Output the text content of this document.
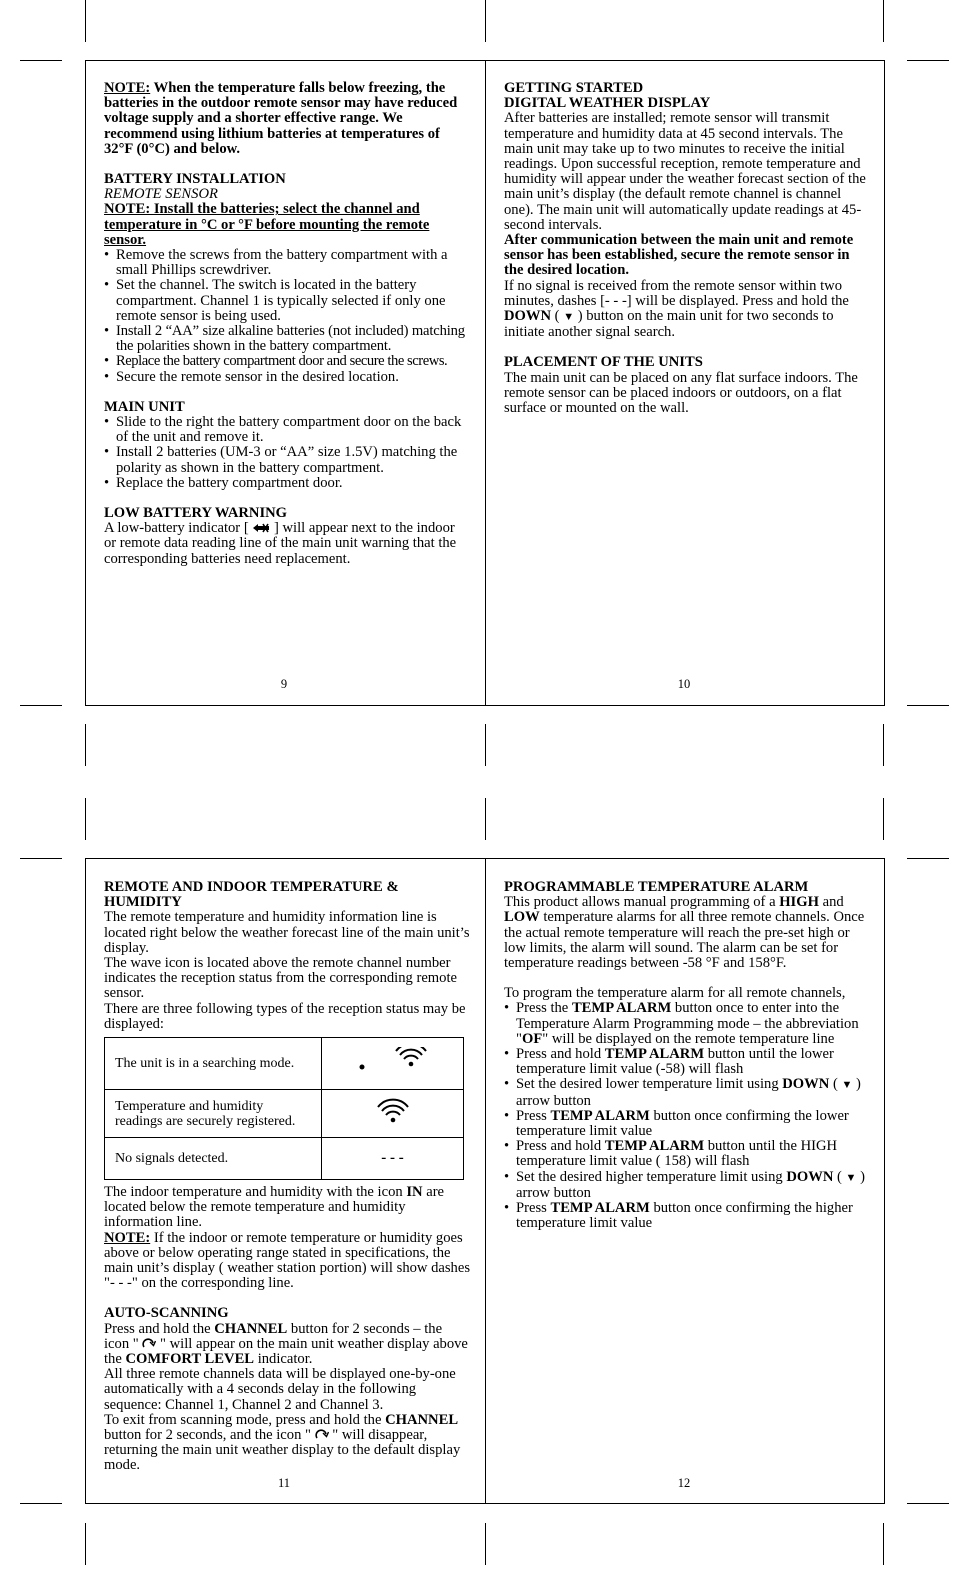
NOTE: When the temperature falls below freezing, the batteries in the outdoor remote sensor may have reduced voltage supply and a shorter effective range. We recommend using lithium batteries at temperatures of 32°F (0°C) and below.
BATTERY INSTALLATION
REMOTE SENSOR
NOTE: Install the batteries; select the channel and temperature in °C or °F before mounting the remote sensor.
• Remove the screws from the battery compartment with a small Phillips screwdriver.
• Set the channel. The switch is located in the battery compartment. Channel 1 is typically selected if only one remote sensor is being used.
• Install 2 “AA” size alkaline batteries (not included) matching the polarities shown in the battery compartment.
• Replace the battery compartment door and secure the screws.
• Secure the remote sensor in the desired location.
MAIN UNIT
• Slide to the right the battery compartment door on the back of the unit and remove it.
• Install 2 batteries (UM-3 or “AA” size 1.5V) matching the polarity as shown in the battery compartment.
• Replace the battery compartment door.
LOW BATTERY WARNING
A low-battery indicator [  ] will appear next to the indoor or remote data reading line of the main unit warning that the corresponding batteries need replacement.
9
GETTING STARTED
DIGITAL WEATHER DISPLAY
After batteries are installed; remote sensor will transmit temperature and humidity data at 45 second intervals. The main unit may take up to two minutes to receive the initial readings. Upon successful reception, remote temperature and humidity will appear under the weather forecast section of the main unit’s display (the default remote channel is channel one). The main unit will automatically update readings at 45-second intervals.
After communication between the main unit and remote sensor has been established, secure the remote sensor in the desired location.
If no signal is received from the remote sensor within two minutes, dashes [- - -] will be displayed. Press and hold the DOWN ( ▼ ) button on the main unit for two seconds to initiate another signal search.
PLACEMENT OF THE UNITS
The main unit can be placed on any flat surface indoors. The remote sensor can be placed indoors or outdoors, on a flat surface or mounted on the wall.
10
REMOTE AND INDOOR TEMPERATURE & HUMIDITY
The remote temperature and humidity information line is located right below the weather forecast line of the main unit’s display.
The wave icon is located above the remote channel number indicates the reception status from the corresponding remote sensor.
There are three following types of the reception status may be displayed:
The unit is in a searching mode.	
Temperature and humidity readings are securely registered.	
No signals detected.	- - -
The indoor temperature and humidity with the icon IN are located below the remote temperature and humidity information line.
NOTE: If the indoor or remote temperature or humidity goes above or below operating range stated in specifications, the main unit’s display ( weather station portion) will show dashes "- - -" on the corresponding line.
AUTO-SCANNING
Press and hold the CHANNEL button for 2 seconds – the icon "  " will appear on the main unit weather display above the COMFORT LEVEL indicator.
All three remote channels data will be displayed one-by-one automatically with a 4 seconds delay in the following sequence: Channel 1, Channel 2 and Channel 3.
To exit from scanning mode, press and hold the CHANNEL button for 2 seconds, and the icon "  " will disappear, returning the main unit weather display to the default display mode.
11
PROGRAMMABLE TEMPERATURE ALARM
This product allows manual programming of a HIGH and LOW temperature alarms for all three remote channels. Once the actual remote temperature will reach the pre-set high or low limits, the alarm will sound. The alarm can be set for temperature readings between -58 °F and 158°F.
To program the temperature alarm for all remote channels,
• Press the TEMP ALARM button once to enter into the Temperature Alarm Programming mode – the abbreviation "OF" will be displayed on the remote temperature line
• Press and hold TEMP ALARM button until the lower temperature limit value (-58) will flash
• Set the desired lower temperature limit using DOWN ( ▼ ) arrow button
• Press TEMP ALARM button once confirming the lower temperature limit value
• Press and hold TEMP ALARM button until the HIGH temperature limit value ( 158) will flash
• Set the desired higher temperature limit using DOWN ( ▼ ) arrow button
• Press TEMP ALARM button once confirming the higher temperature limit value
12
